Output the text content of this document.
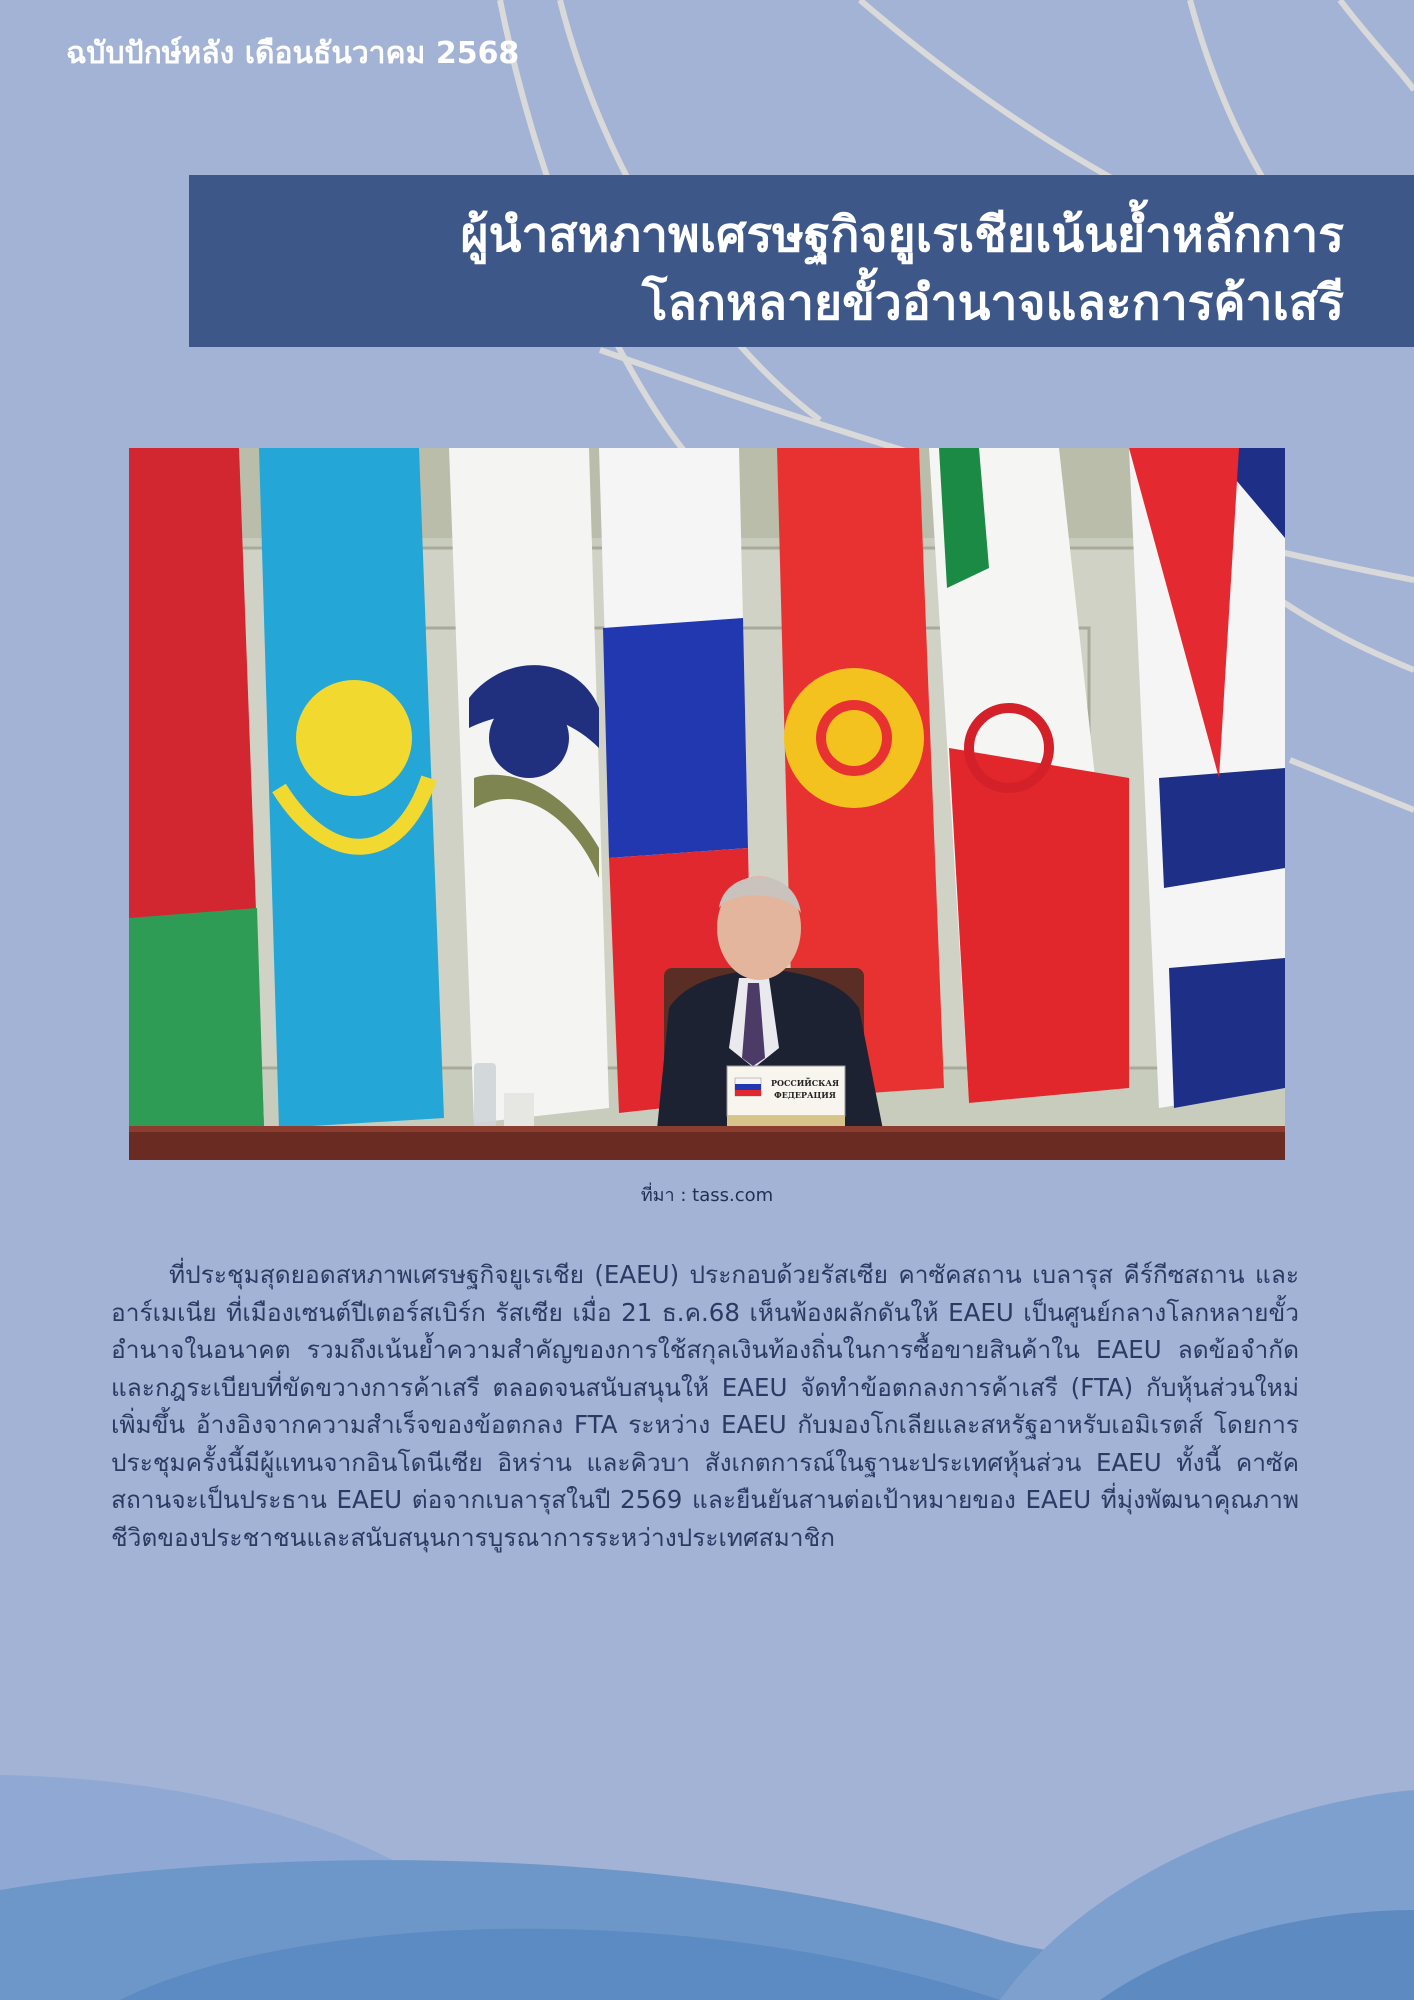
ฉบับปักษ์หลัง เดือนธันวาคม 2568

ผู้นำสหภาพเศรษฐกิจยูเรเชียเน้นย้ำหลักการ
โลกหลายขั้วอำนาจและการค้าเสรี
РОССИЙСКАЯ
ФЕДЕРАЦИЯ

ที่มา : tass.com

ที่ประชุมสุดยอดสหภาพเศรษฐกิจยูเรเชีย (EAEU) ประกอบด้วยรัสเซีย คาซัคสถาน เบลารุส คีร์กีซสถาน และอาร์เมเนีย ที่เมืองเซนต์ปีเตอร์สเบิร์ก รัสเซีย เมื่อ 21 ธ.ค.68 เห็นพ้องผลักดันให้ EAEU เป็นศูนย์กลางโลกหลายขั้วอำนาจในอนาคต รวมถึงเน้นย้ำความสำคัญของการใช้สกุลเงินท้องถิ่นในการซื้อขายสินค้าใน EAEU ลดข้อจำกัดและกฎระเบียบที่ขัดขวางการค้าเสรี ตลอดจนสนับสนุนให้ EAEU จัดทำข้อตกลงการค้าเสรี (FTA) กับหุ้นส่วนใหม่เพิ่มขึ้น อ้างอิงจากความสำเร็จของข้อตกลง FTA ระหว่าง EAEU กับมองโกเลียและสหรัฐอาหรับเอมิเรตส์ โดยการประชุมครั้งนี้มีผู้แทนจากอินโดนีเซีย อิหร่าน และคิวบา สังเกตการณ์ในฐานะประเทศหุ้นส่วน EAEU ทั้งนี้ คาซัคสถานจะเป็นประธาน EAEU ต่อจากเบลารุสในปี 2569 และยืนยันสานต่อเป้าหมายของ EAEU ที่มุ่งพัฒนาคุณภาพชีวิตของประชาชนและสนับสนุนการบูรณาการระหว่างประเทศสมาชิก
